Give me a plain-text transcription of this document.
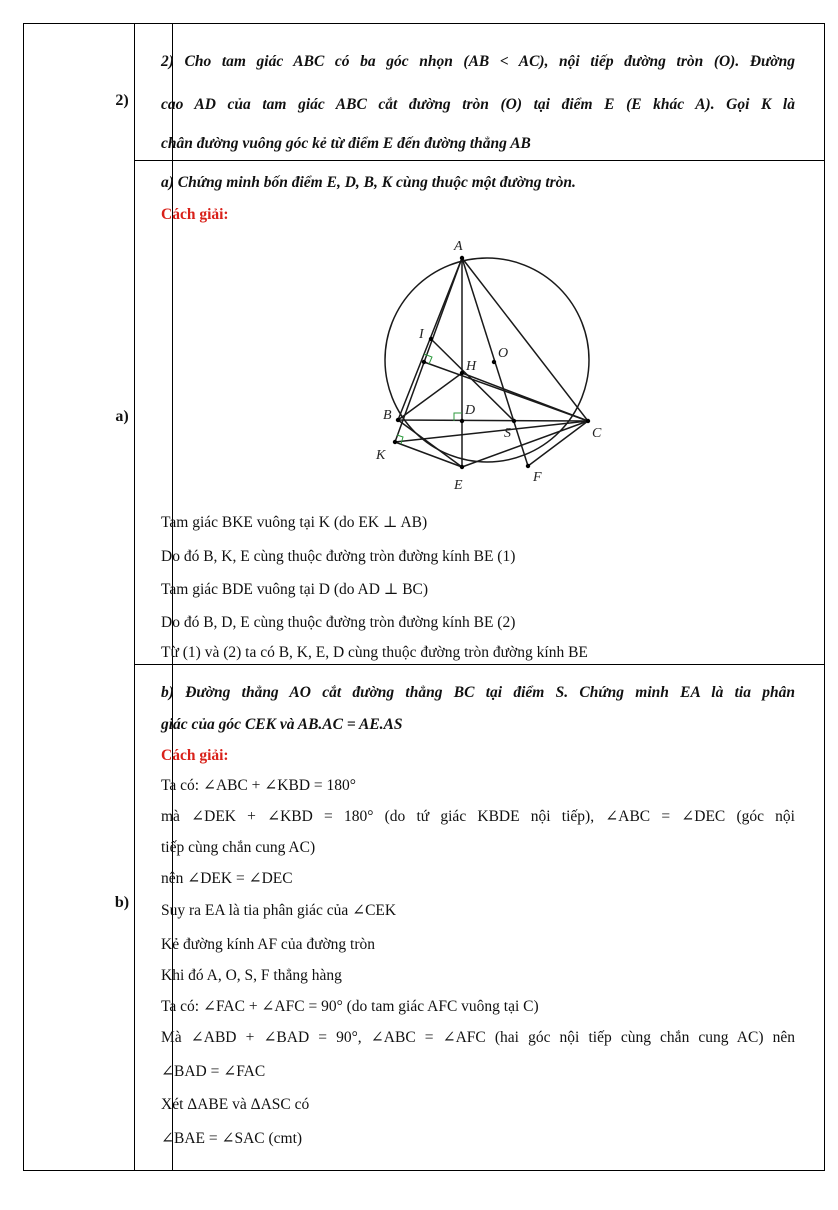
2)
a)
b)
2) Cho tam giác ABC có ba góc nhọn (AB < AC), nội tiếp đường tròn (O). Đường
cao AD của tam giác ABC cắt đường tròn (O) tại điểm E (E khác A). Gọi K là
chân đường vuông góc kẻ từ điểm E đến đường thẳng AB
a) Chứng minh bốn điểm E, D, B, K cùng thuộc một đường tròn.
Cách giải:
A
B
C
D
E
F
H
I
K
O
S
Tam giác BKE vuông tại K (do EK ⊥ AB)
Do đó B, K, E cùng thuộc đường tròn đường kính BE (1)
Tam giác BDE vuông tại D (do AD ⊥ BC)
Do đó B, D, E cùng thuộc đường tròn đường kính BE (2)
Từ (1) và (2) ta có B, K, E, D cùng thuộc đường tròn đường kính BE
b) Đường thẳng AO cắt đường thẳng BC tại điểm S. Chứng minh EA là tia phân
giác của góc CEK và AB.AC = AE.AS
Cách giải:
Ta có: ∠ABC + ∠KBD = 180°
mà ∠DEK + ∠KBD = 180° (do tứ giác KBDE nội tiếp), ∠ABC = ∠DEC (góc nội
tiếp cùng chắn cung AC)
nên ∠DEK = ∠DEC
Suy ra EA là tia phân giác của ∠CEK
Kẻ đường kính AF của đường tròn
Khi đó A, O, S, F thẳng hàng
Ta có: ∠FAC + ∠AFC = 90° (do tam giác AFC vuông tại C)
Mà ∠ABD + ∠BAD = 90°, ∠ABC = ∠AFC (hai góc nội tiếp cùng chắn cung AC) nên
∠BAD = ∠FAC
Xét ΔABE và ΔASC có
∠BAE = ∠SAC (cmt)
